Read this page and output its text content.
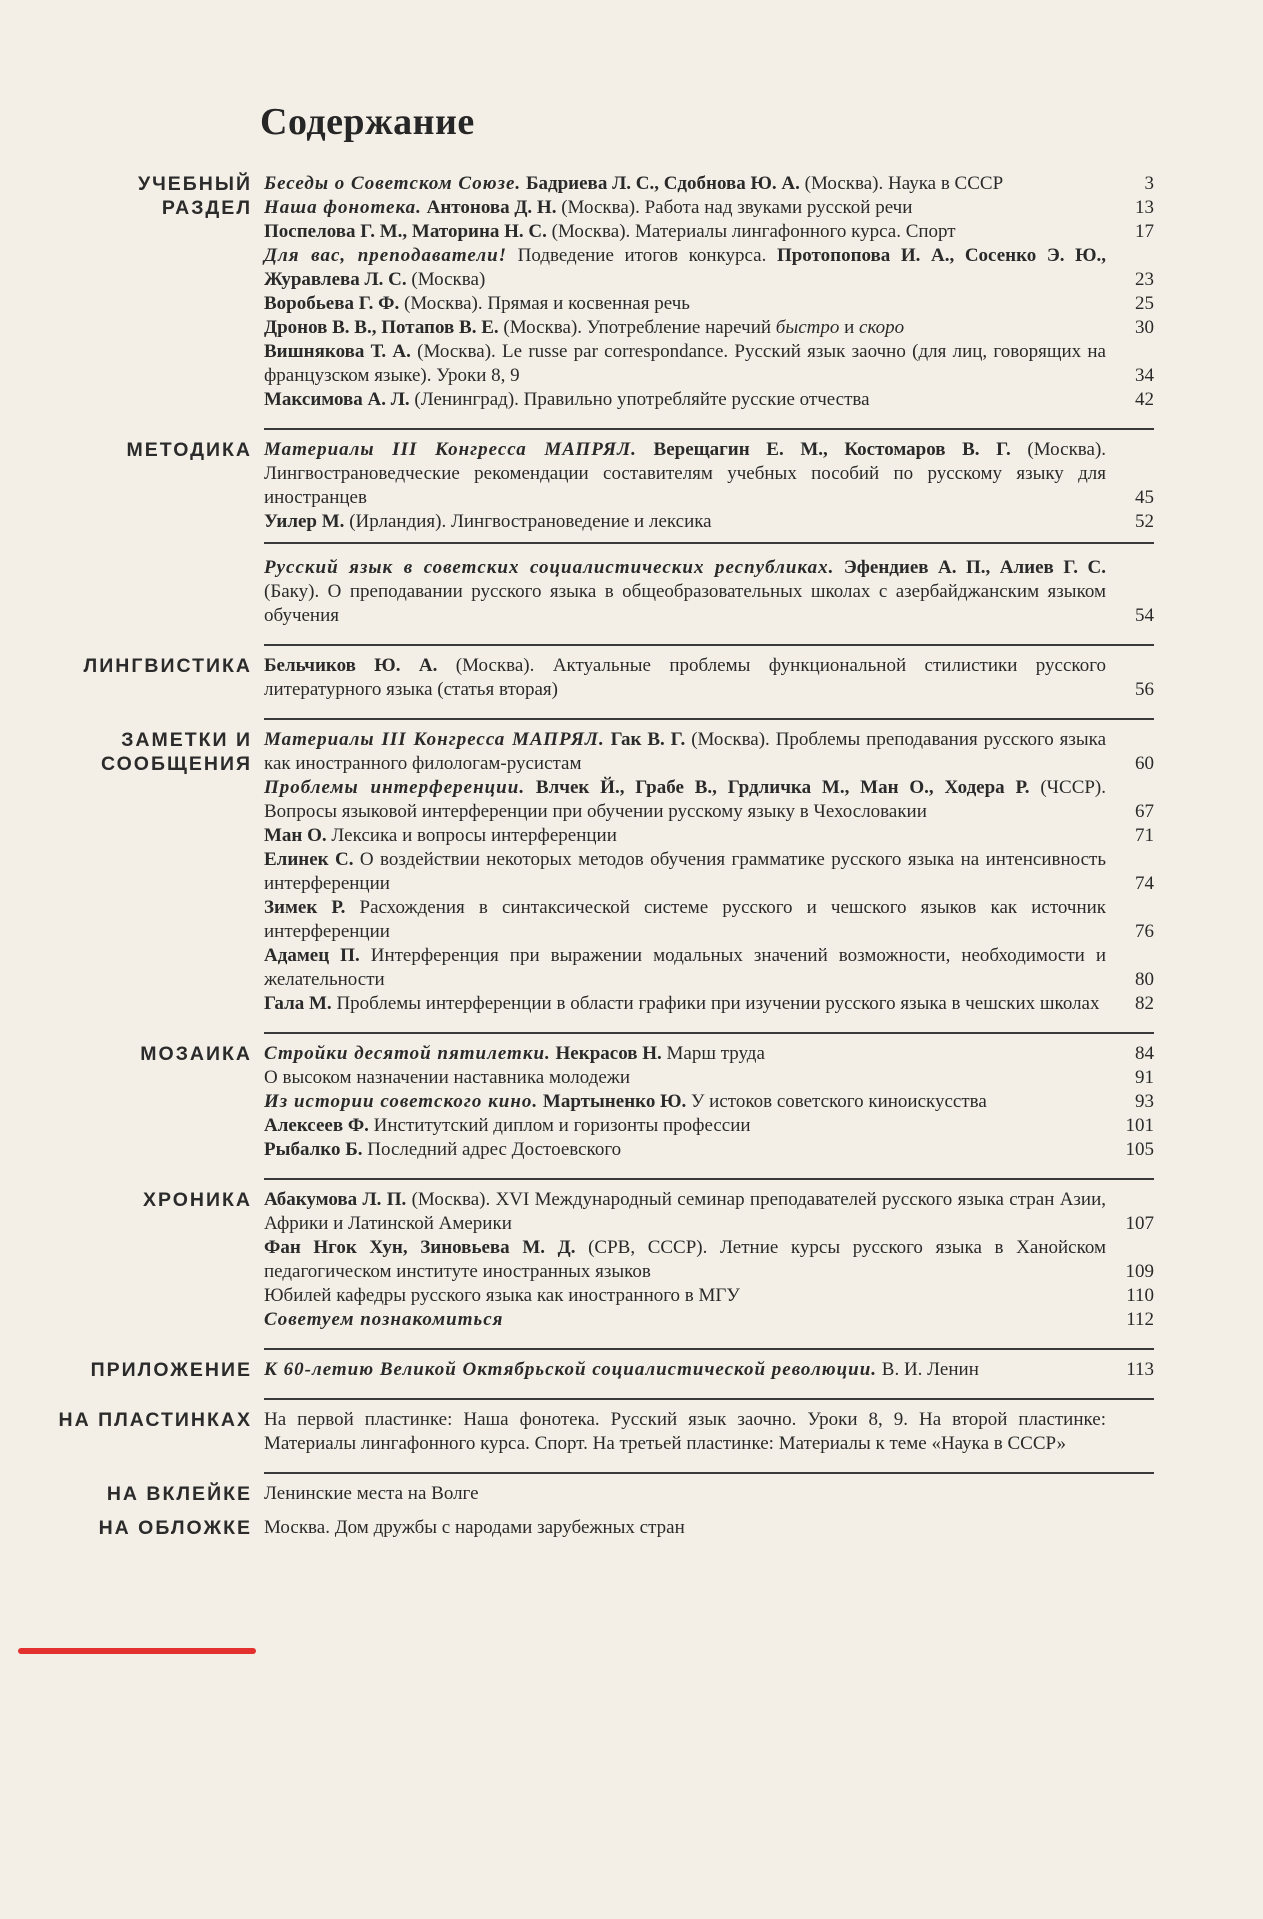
Содержание
УЧЕБНЫЙ
РАЗДЕЛ
Беседы о Советском Союзе. Бадриева Л. С., Сдобнова Ю. А. (Москва). Наука в СССР	3
Наша фонотека. Антонова Д. Н. (Москва). Работа над звуками русской речи	13
Поспелова Г. М., Маторина Н. С. (Москва). Материалы лингафонного курса. Спорт	17
Для вас, преподаватели! Подведение итогов конкурса. Протопопова И. А., Сосенко Э. Ю., Журавлева Л. С. (Москва)	23
Воробьева Г. Ф. (Москва). Прямая и косвенная речь	25
Дронов В. В., Потапов В. Е. (Москва). Употребление наречий быстро и скоро	30
Вишнякова Т. А. (Москва). Le russe par correspondance. Русский язык заочно (для лиц, говорящих на французском языке). Уроки 8, 9	34
Максимова А. Л. (Ленинград). Правильно употребляйте русские отчества	42
МЕТОДИКА Материалы III Конгресса МАПРЯЛ. Верещагин Е. М., Костомаров В. Г. (Москва). Лингвострановедческие рекомендации составителям учебных пособий по русскому языку для иностранцев	45
Уилер М. (Ирландия). Лингвострановедение и лексика	52
Русский язык в советских социалистических республиках. Эфендиев А. П., Алиев Г. С. (Баку). О преподавании русского языка в общеобразовательных школах с азербайджанским языком обучения	54
ЛИНГВИСТИКА Бельчиков Ю. А. (Москва). Актуальные проблемы функциональной стилистики русского литературного языка (статья вторая)	56
ЗАМЕТКИ И
СООБЩЕНИЯ
Материалы III Конгресса МАПРЯЛ. Гак В. Г. (Москва). Проблемы преподавания русского языка как иностранного филологам-русистам	60
Проблемы интерференции. Влчек Й., Грабе В., Грдличка М., Ман О., Ходера Р. (ЧССР). Вопросы языковой интерференции при обучении русскому языку в Чехословакии	67
Ман О. Лексика и вопросы интерференции	71
Елинек С. О воздействии некоторых методов обучения грамматике русского языка на интенсивность интерференции	74
Зимек Р. Расхождения в синтаксической системе русского и чешского языков как источник интерференции	76
Адамец П. Интерференция при выражении модальных значений возможности, необходимости и желательности	80
Гала М. Проблемы интерференции в области графики при изучении русского языка в чешских школах	82
МОЗАИКА Стройки десятой пятилетки. Некрасов Н. Марш труда	84
О высоком назначении наставника молодежи	91
Из истории советского кино. Мартыненко Ю. У истоков советского киноискусства	93
Алексеев Ф. Институтский диплом и горизонты профессии	101
Рыбалко Б. Последний адрес Достоевского	105
ХРОНИКА Абакумова Л. П. (Москва). XVI Международный семинар преподавателей русского языка стран Азии, Африки и Латинской Америки	107
Фан Нгок Хун, Зиновьева М. Д. (СРВ, СССР). Летние курсы русского языка в Ханойском педагогическом институте иностранных языков	109
Юбилей кафедры русского языка как иностранного в МГУ	110
Советуем познакомиться	112
ПРИЛОЖЕНИЕ К 60-летию Великой Октябрьской социалистической революции. В. И. Ленин	113
НА ПЛАСТИНКАХ На первой пластинке: Наша фонотека. Русский язык заочно. Уроки 8, 9. На второй пластинке: Материалы лингафонного курса. Спорт. На третьей пластинке: Материалы к теме «Наука в СССР»
НА ВКЛЕЙКЕ Ленинские места на Волге
НА ОБЛОЖКЕ Москва. Дом дружбы с народами зарубежных стран
